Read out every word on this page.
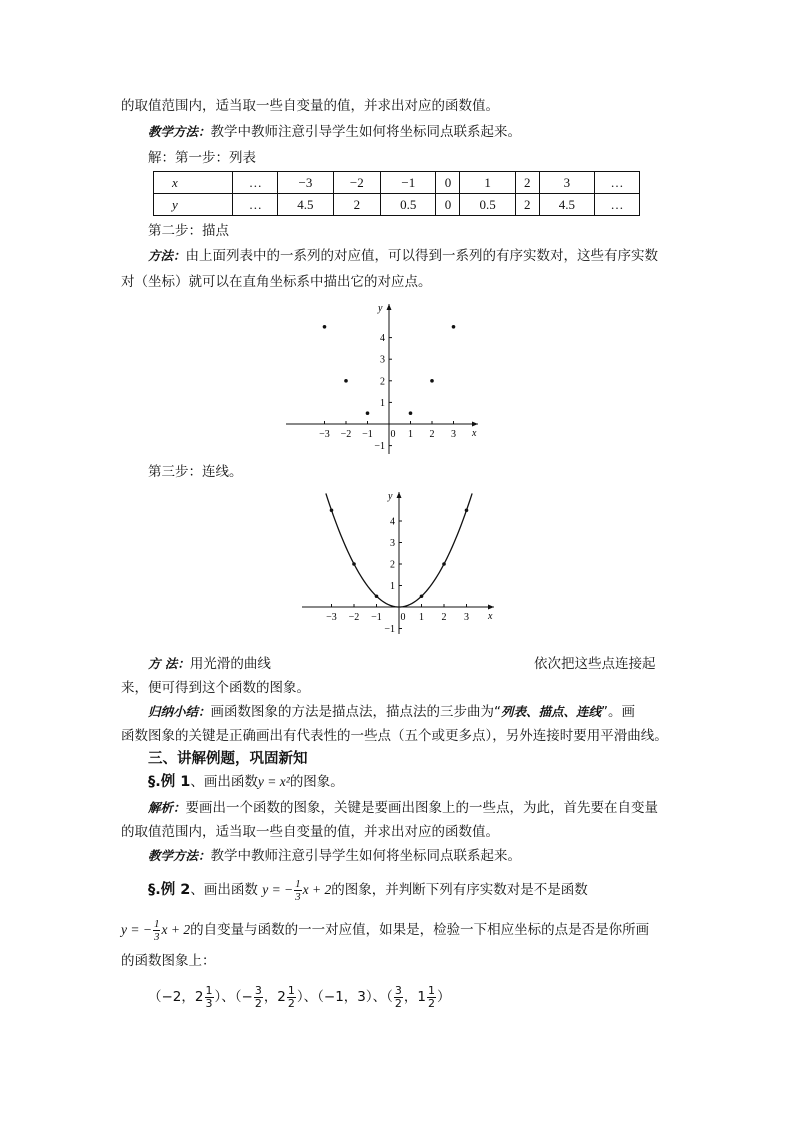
的取值范围内，适当取一些自变量的值，并求出对应的函数值。
教学方法：教学中教师注意引导学生如何将坐标同点联系起来。
解：第一步：列表
x	…	−3	−2	−1	0	1	2	3	…
y	…	4.5	2	0.5	0	0.5	2	4.5	…
第二步：描点
方法：由上面列表中的一系列的对应值，可以得到一系列的有序实数对，这些有序实数
对（坐标）就可以在直角坐标系中描出它的对应点。
x
y
−3 −2 −1 0 1 2 3
−1
1
2
3
4
第三步：连线。
x
y
−3 −2 −1 0 1 2 3
−1
1
2
3
4
方 法：用光滑的曲线	依次把这些点连接起
来，便可得到这个函数的图象。
归纳小结：画函数图象的方法是描点法，描点法的三步曲为“列表、描点、连线”。画
函数图象的关键是正确画出有代表性的一些点（五个或更多点），另外连接时要用平滑曲线。
三、讲解例题，巩固新知
§.例 1、画出函数y = x²的图象。
解析：要画出一个函数的图象，关键是要画出图象上的一些点，为此，首先要在自变量
的取值范围内，适当取一些自变量的值，并求出对应的函数值。
教学方法：教学中教师注意引导学生如何将坐标同点联系起来。
§.例 2、画出函数 y = − $\frac{1}{3}$ x + 2的图象，并判断下列有序实数对是不是函数
y = − $\frac{1}{3}$ x + 2的自变量与函数的一一对应值，如果是，检验一下相应坐标的点是否是你所画
的函数图象上：
（−2，$2 \frac{1}{3}$ ）、（− $\frac{3}{2}$ ，$2 \frac{1}{2}$ ）、（−1，3）、（ $\frac{3}{2}$ ，$1 \frac{1}{2}$ ）
